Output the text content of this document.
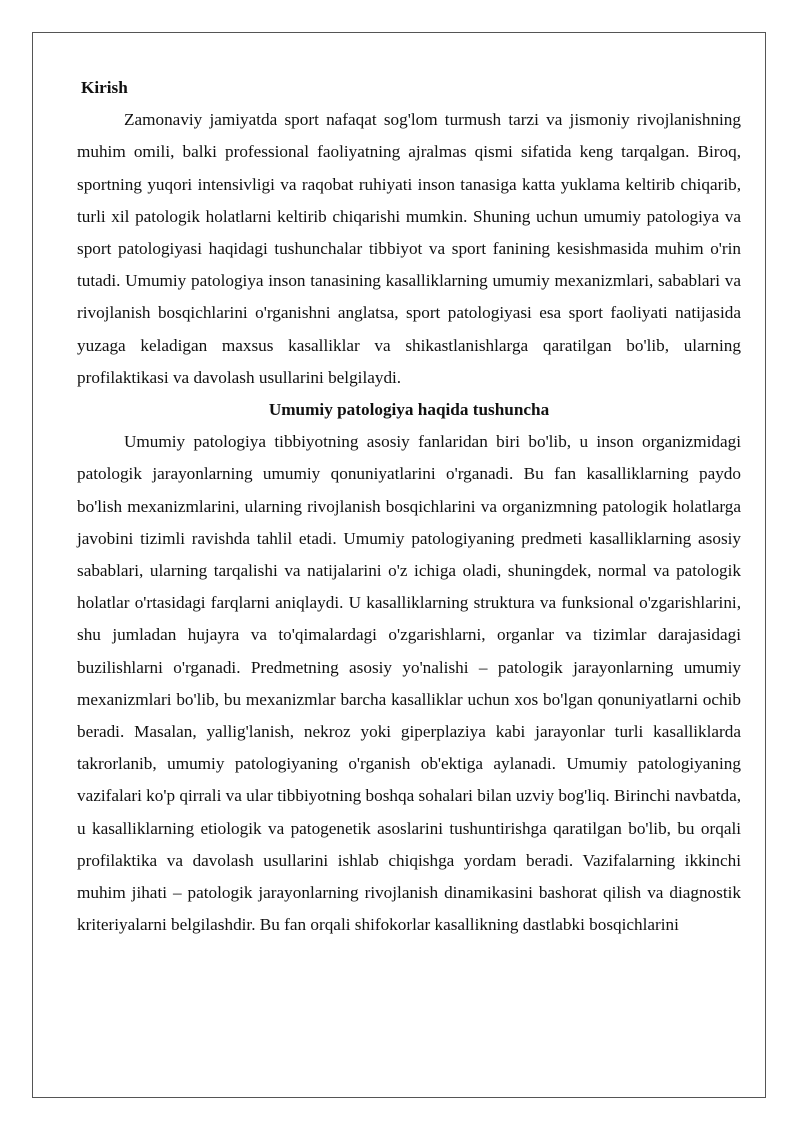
Kirish

Zamonaviy jamiyatda sport nafaqat sog'lom turmush tarzi va jismoniy rivojlanishning muhim omili, balki professional faoliyatning ajralmas qismi sifatida keng tarqalgan. Biroq, sportning yuqori intensivligi va raqobat ruhiyati inson tanasiga katta yuklama keltirib chiqarib, turli xil patologik holatlarni keltirib chiqarishi mumkin. Shuning uchun umumiy patologiya va sport patologiyasi haqidagi tushunchalar tibbiyot va sport fanining kesishmasida muhim o'rin tutadi. Umumiy patologiya inson tanasining kasalliklarning umumiy mexanizmlari, sabablari va rivojlanish bosqichlarini o'rganishni anglatsa, sport patologiyasi esa sport faoliyati natijasida yuzaga keladigan maxsus kasalliklar va shikastlanishlarga qaratilgan bo'lib, ularning profilaktikasi va davolash usullarini belgilaydi.

Umumiy patologiya haqida tushuncha

Umumiy patologiya tibbiyotning asosiy fanlaridan biri bo'lib, u inson organizmidagi patologik jarayonlarning umumiy qonuniyatlarini o'rganadi. Bu fan kasalliklarning paydo bo'lish mexanizmlarini, ularning rivojlanish bosqichlarini va organizmning patologik holatlarga javobini tizimli ravishda tahlil etadi. Umumiy patologiyaning predmeti kasalliklarning asosiy sabablari, ularning tarqalishi va natijalarini o'z ichiga oladi, shuningdek, normal va patologik holatlar o'rtasidagi farqlarni aniqlaydi. U kasalliklarning struktura va funksional o'zgarishlarini, shu jumladan hujayra va to'qimalardagi o'zgarishlarni, organlar va tizimlar darajasidagi buzilishlarni o'rganadi. Predmetning asosiy yo'nalishi – patologik jarayonlarning umumiy mexanizmlari bo'lib, bu mexanizmlar barcha kasalliklar uchun xos bo'lgan qonuniyatlarni ochib beradi. Masalan, yallig'lanish, nekroz yoki giperplaziya kabi jarayonlar turli kasalliklarda takrorlanib, umumiy patologiyaning o'rganish ob'ektiga aylanadi. Umumiy patologiyaning vazifalari ko'p qirrali va ular tibbiyotning boshqa sohalari bilan uzviy bog'liq. Birinchi navbatda, u kasalliklarning etiologik va patogenetik asoslarini tushuntirishga qaratilgan bo'lib, bu orqali profilaktika va davolash usullarini ishlab chiqishga yordam beradi. Vazifalarning ikkinchi muhim jihati – patologik jarayonlarning rivojlanish dinamikasini bashorat qilish va diagnostik kriteriyalarni belgilashdir. Bu fan orqali shifokorlar kasallikning dastlabki bosqichlarini
